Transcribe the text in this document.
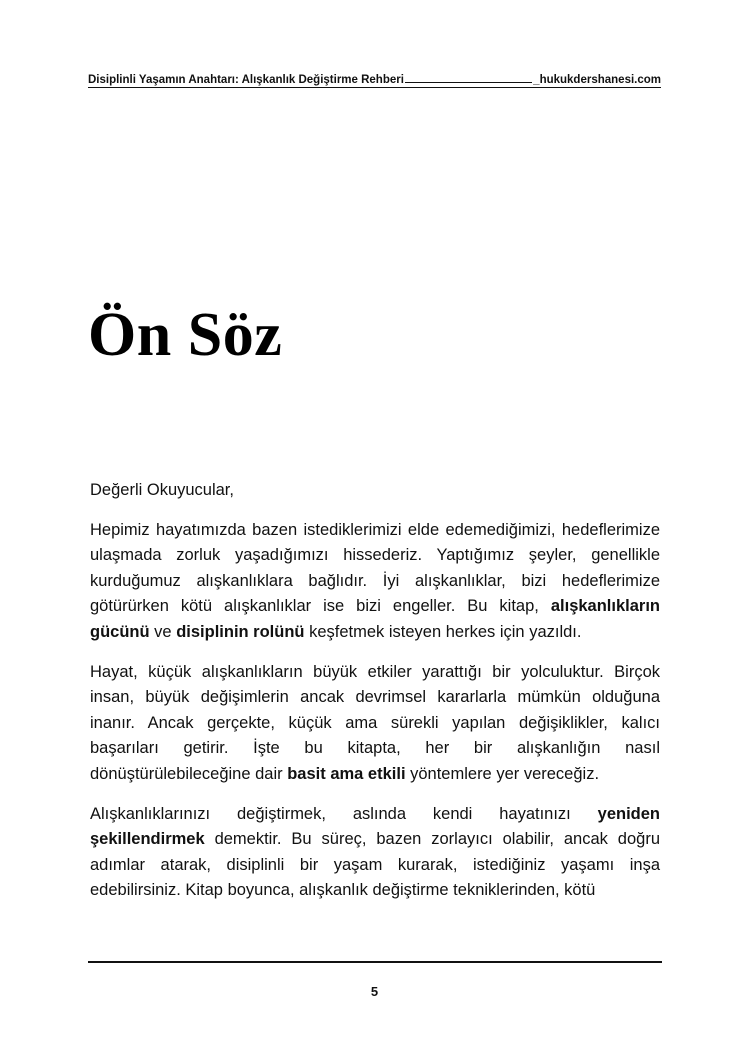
Disiplinli Yaşamın Anahtarı: Alışkanlık Değiştirme Rehberi	_hukukdershanesi.com
Ön Söz

Değerli Okuyucular,

Hepimiz hayatımızda bazen istediklerimizi elde edemediğimizi, hedeflerimize ulaşmada zorluk yaşadığımızı hissederiz. Yaptığımız şeyler, genellikle kurduğumuz alışkanlıklara bağlıdır. İyi alışkanlıklar, bizi hedeflerimize götürürken kötü alışkanlıklar ise bizi engeller. Bu kitap, alışkanlıkların gücünü ve disiplinin rolünü keşfetmek isteyen herkes için yazıldı.

Hayat, küçük alışkanlıkların büyük etkiler yarattığı bir yolculuktur. Birçok insan, büyük değişimlerin ancak devrimsel kararlarla mümkün olduğuna inanır. Ancak gerçekte, küçük ama sürekli yapılan değişiklikler, kalıcı başarıları getirir. İşte bu kitapta, her bir alışkanlığın nasıl dönüştürülebileceğine dair basit ama etkili yöntemlere yer vereceğiz.

Alışkanlıklarınızı değiştirmek, aslında kendi hayatınızı yeniden şekillendirmek demektir. Bu süreç, bazen zorlayıcı olabilir, ancak doğru adımlar atarak, disiplinli bir yaşam kurarak, istediğiniz yaşamı inşa edebilirsiniz. Kitap boyunca, alışkanlık değiştirme tekniklerinden, kötü

5
